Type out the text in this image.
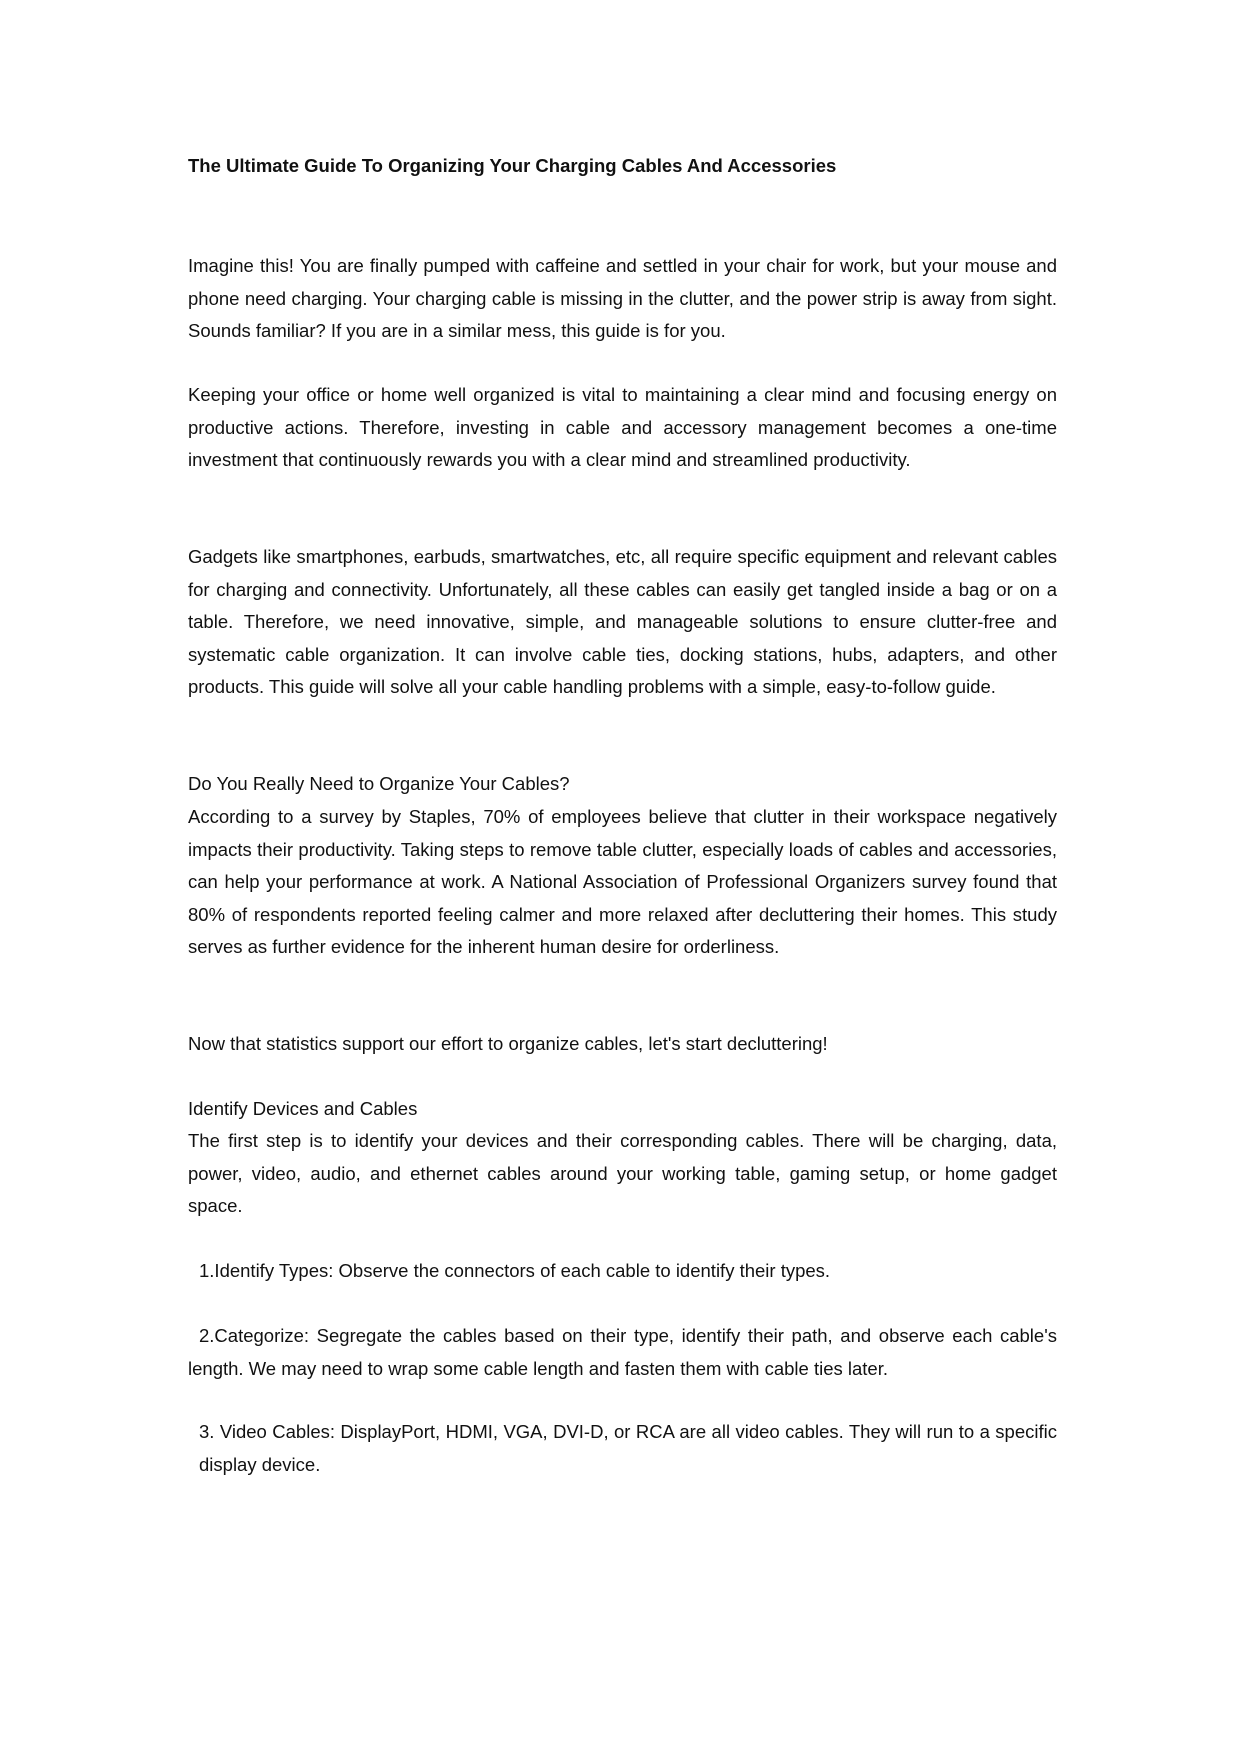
The Ultimate Guide To Organizing Your Charging Cables And Accessories

Imagine this! You are finally pumped with caffeine and settled in your chair for work, but your mouse and phone need charging. Your charging cable is missing in the clutter, and the power strip is away from sight. Sounds familiar? If you are in a similar mess, this guide is for you.

Keeping your office or home well organized is vital to maintaining a clear mind and focusing energy on productive actions. Therefore, investing in cable and accessory management becomes a one-time investment that continuously rewards you with a clear mind and streamlined productivity.

Gadgets like smartphones, earbuds, smartwatches, etc, all require specific equipment and relevant cables for charging and connectivity. Unfortunately, all these cables can easily get tangled inside a bag or on a table. Therefore, we need innovative, simple, and manageable solutions to ensure clutter-free and systematic cable organization. It can involve cable ties, docking stations, hubs, adapters, and other products. This guide will solve all your cable handling problems with a simple, easy-to-follow guide.

Do You Really Need to Organize Your Cables?

According to a survey by Staples, 70% of employees believe that clutter in their workspace negatively impacts their productivity. Taking steps to remove table clutter, especially loads of cables and accessories, can help your performance at work. A National Association of Professional Organizers survey found that 80% of respondents reported feeling calmer and more relaxed after decluttering their homes. This study serves as further evidence for the inherent human desire for orderliness.

Now that statistics support our effort to organize cables, let's start decluttering!

Identify Devices and Cables

The first step is to identify your devices and their corresponding cables. There will be charging, data, power, video, audio, and ethernet cables around your working table, gaming setup, or home gadget space.

1.Identify Types: Observe the connectors of each cable to identify their types.

2.Categorize: Segregate the cables based on their type, identify their path, and observe each cable's length. We may need to wrap some cable length and fasten them with cable ties later.

3. Video Cables: DisplayPort, HDMI, VGA, DVI-D, or RCA are all video cables. They will run to a specific display device.
